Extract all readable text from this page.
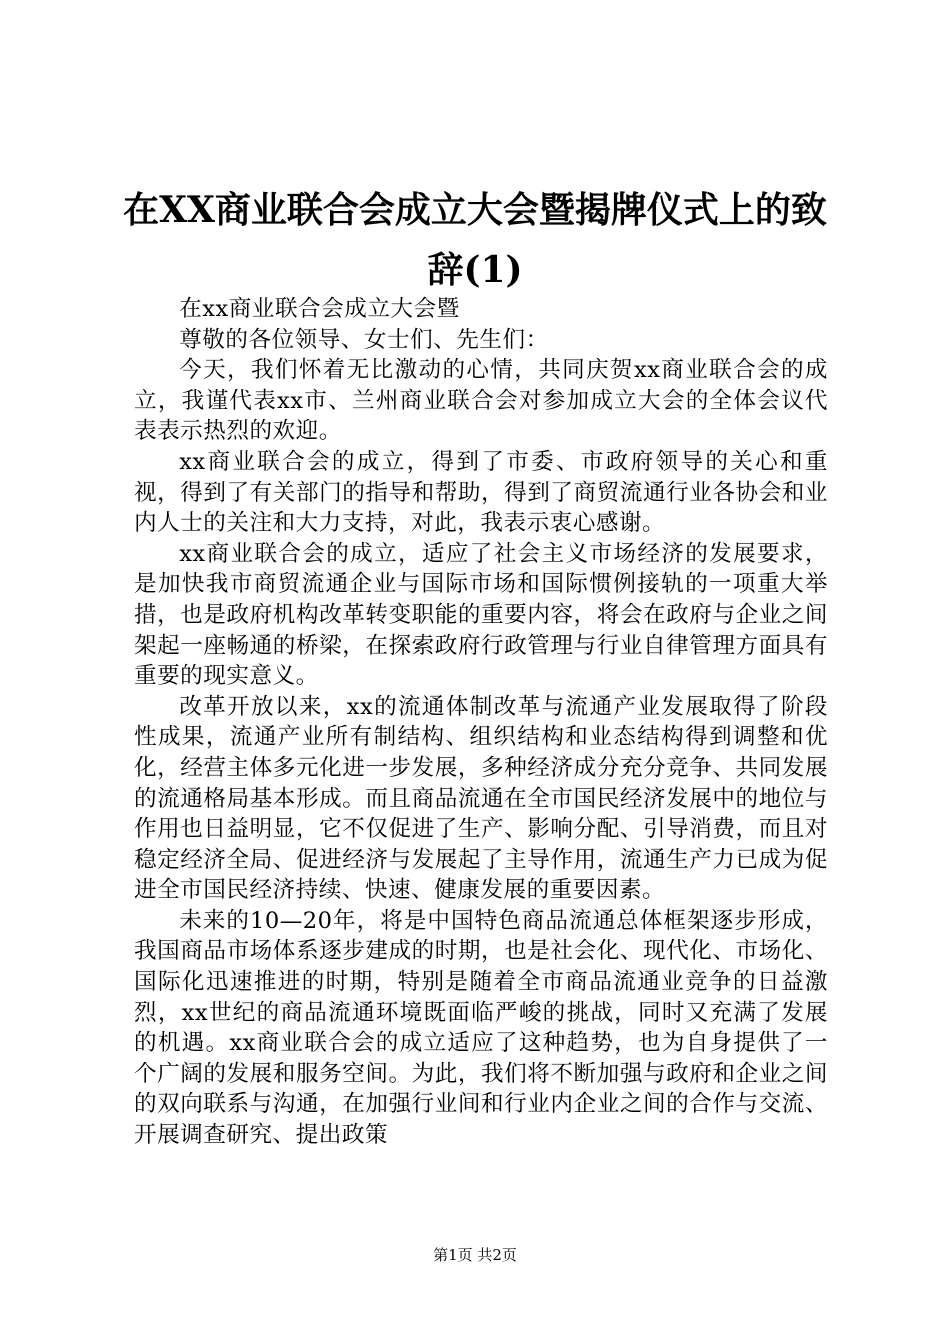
在XX商业联合会成立大会暨揭牌仪式上的致
辞(1)

在xx商业联合会成立大会暨

尊敬的各位领导、女士们、先生们：

今天，我们怀着无比激动的心情，共同庆贺xx商业联合会的成立，我谨代表xx市、兰州商业联合会对参加成立大会的全体会议代表表示热烈的欢迎。

xx商业联合会的成立，得到了市委、市政府领导的关心和重视，得到了有关部门的指导和帮助，得到了商贸流通行业各协会和业内人士的关注和大力支持，对此，我表示衷心感谢。

xx商业联合会的成立，适应了社会主义市场经济的发展要求，是加快我市商贸流通企业与国际市场和国际惯例接轨的一项重大举措，也是政府机构改革转变职能的重要内容，将会在政府与企业之间架起一座畅通的桥梁，在探索政府行政管理与行业自律管理方面具有重要的现实意义。

改革开放以来，xx的流通体制改革与流通产业发展取得了阶段性成果，流通产业所有制结构、组织结构和业态结构得到调整和优化，经营主体多元化进一步发展，多种经济成分充分竞争、共同发展的流通格局基本形成。而且商品流通在全市国民经济发展中的地位与作用也日益明显，它不仅促进了生产、影响分配、引导消费，而且对稳定经济全局、促进经济与发展起了主导作用，流通生产力已成为促进全市国民经济持续、快速、健康发展的重要因素。

未来的10—20年，将是中国特色商品流通总体框架逐步形成，我国商品市场体系逐步建成的时期，也是社会化、现代化、市场化、国际化迅速推进的时期，特别是随着全市商品流通业竞争的日益激烈，xx世纪的商品流通环境既面临严峻的挑战，同时又充满了发展的机遇。xx商业联合会的成立适应了这种趋势，也为自身提供了一个广阔的发展和服务空间。为此，我们将不断加强与政府和企业之间的双向联系与沟通，在加强行业间和行业内企业之间的合作与交流、开展调查研究、提出政策

第1页 共2页
